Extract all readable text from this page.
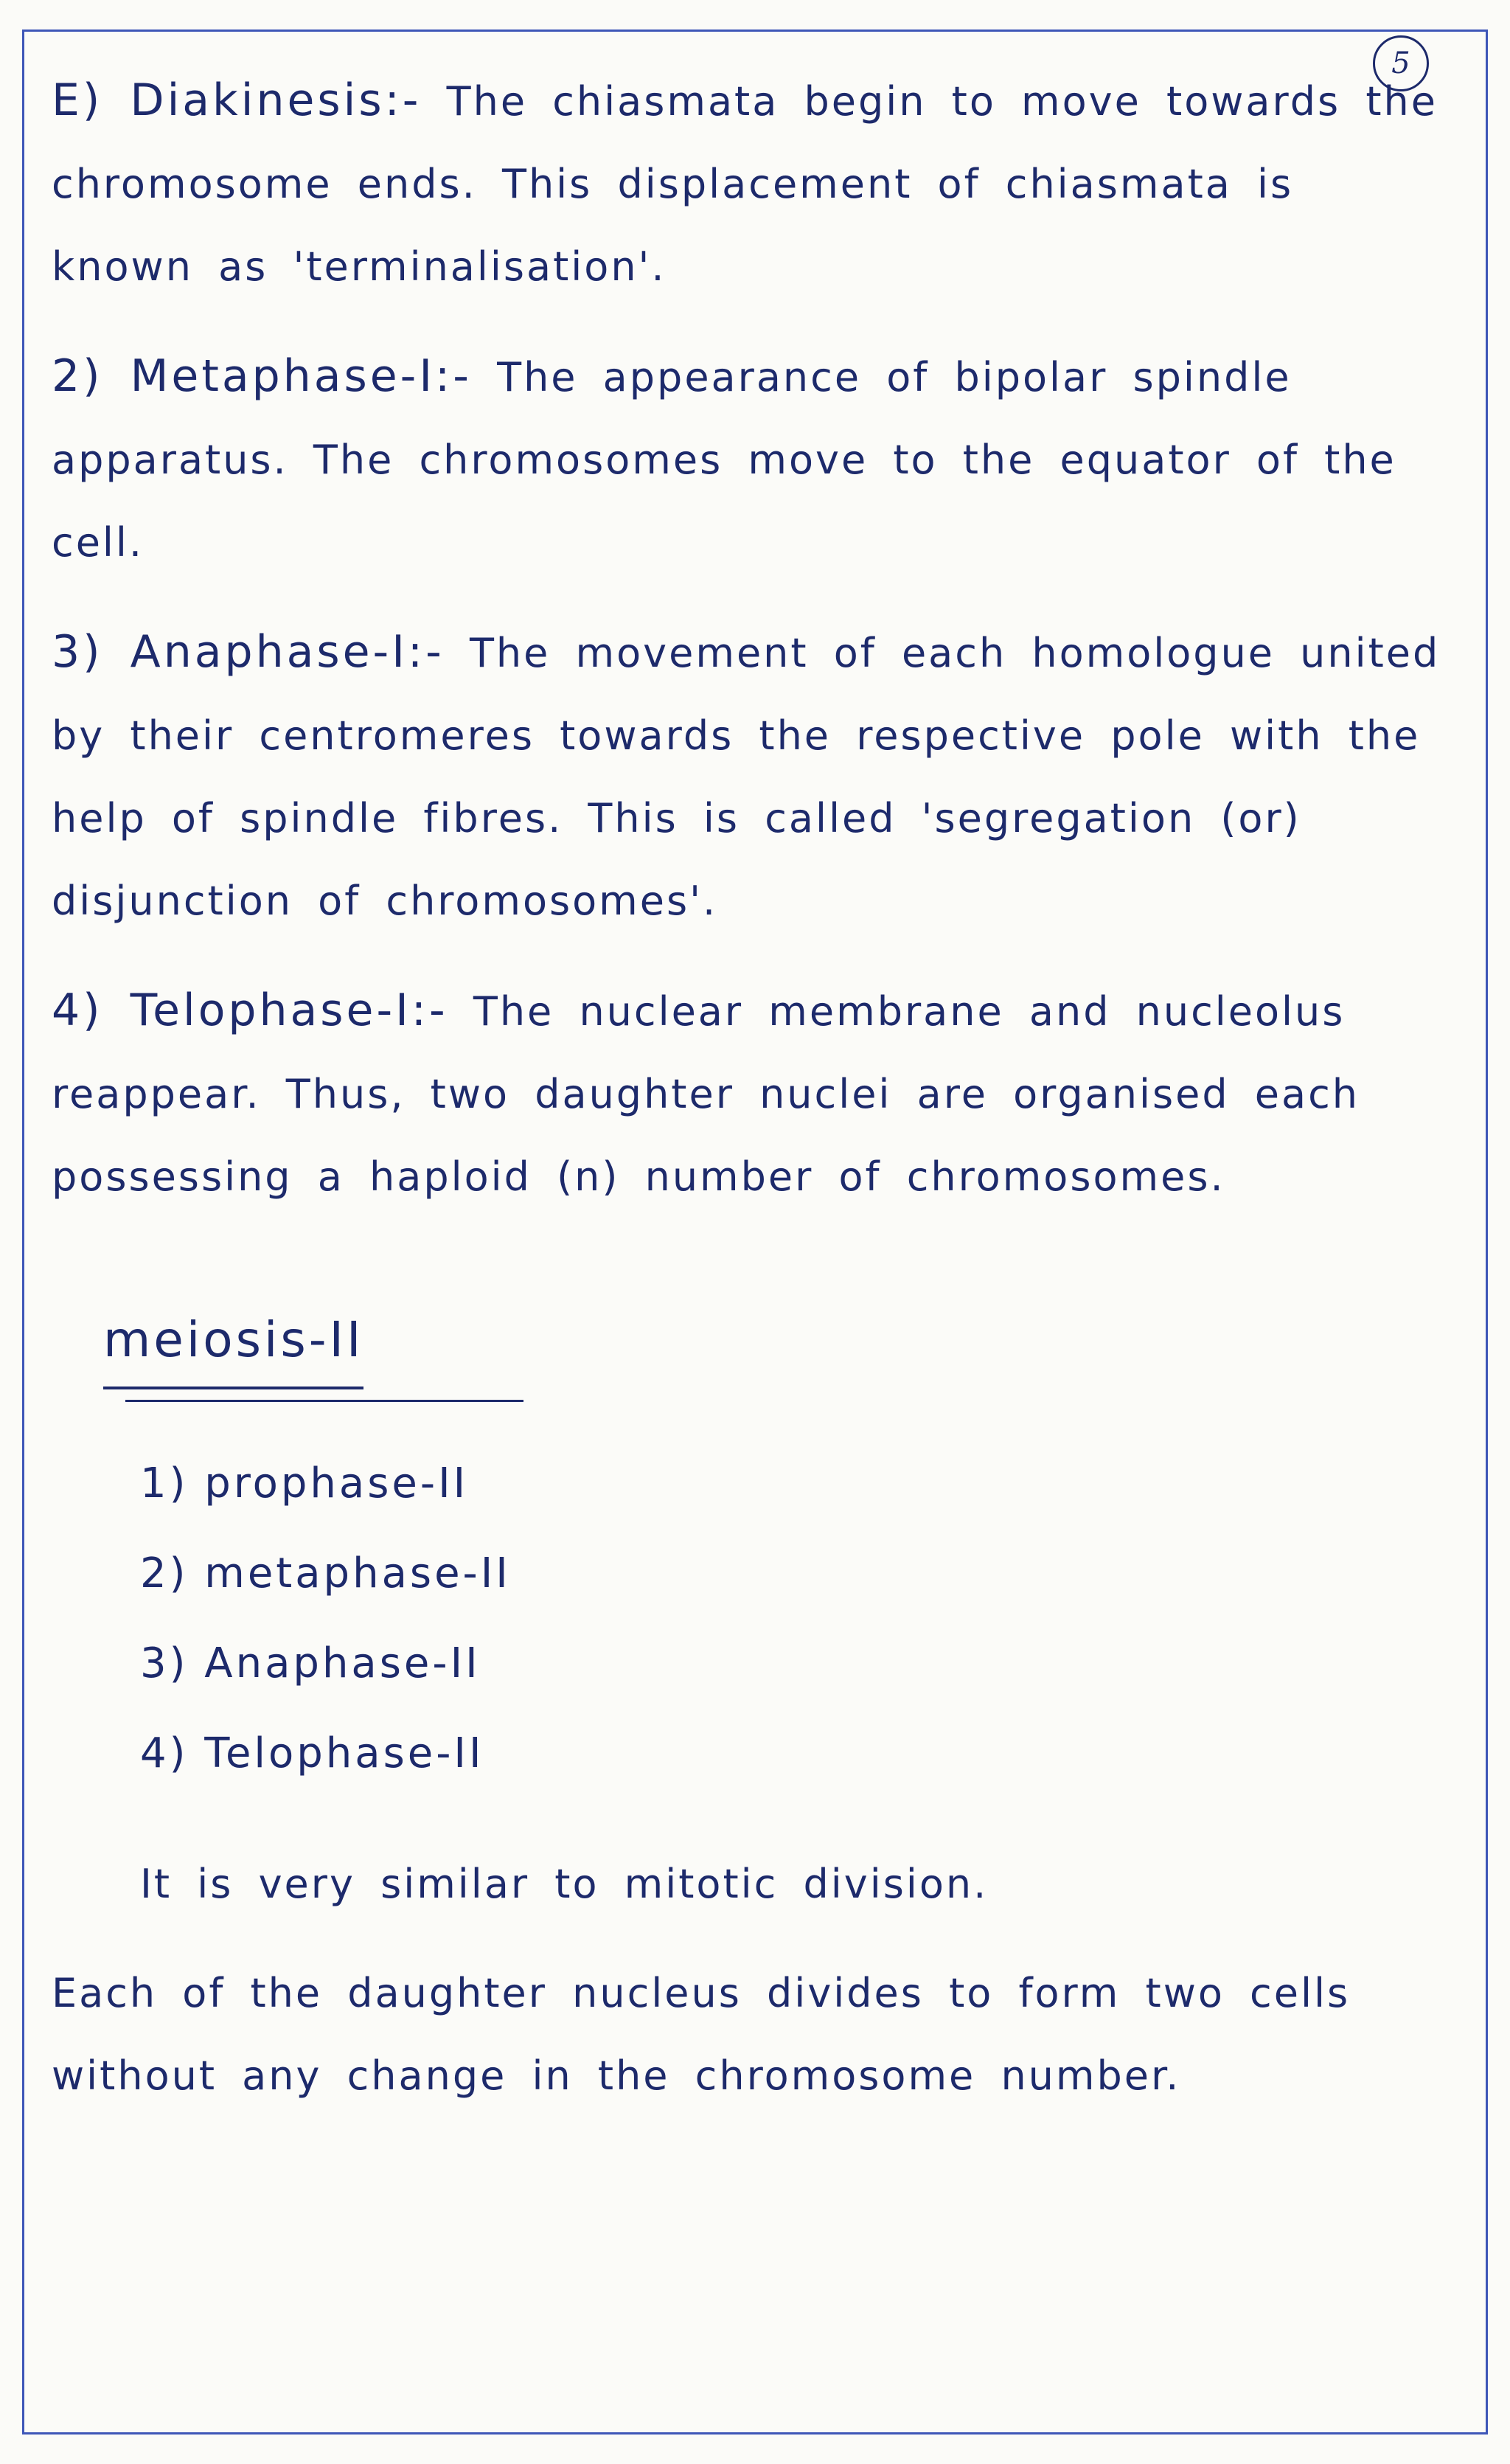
5

E) Diakinesis:- The chiasmata begin to move towards the chromosome ends. This displacement of chiasmata is known as 'terminalisation'.

2) Metaphase-I:- The appearance of bipolar spindle apparatus. The chromosomes move to the equator of the cell.

3) Anaphase-I:- The movement of each homologue united by their centromeres towards the respective pole with the help of spindle fibres. This is called 'segregation (or) disjunction of chromosomes'.

4) Telophase-I:- The nuclear membrane and nucleolus reappear. Thus, two daughter nuclei are organised each possessing a haploid (n) number of chromosomes.

meiosis-II
1) prophase-II
2) metaphase-II
3) Anaphase-II
4) Telophase-II

It is very similar to mitotic division.

Each of the daughter nucleus divides to form two cells without any change in the chromosome number.
